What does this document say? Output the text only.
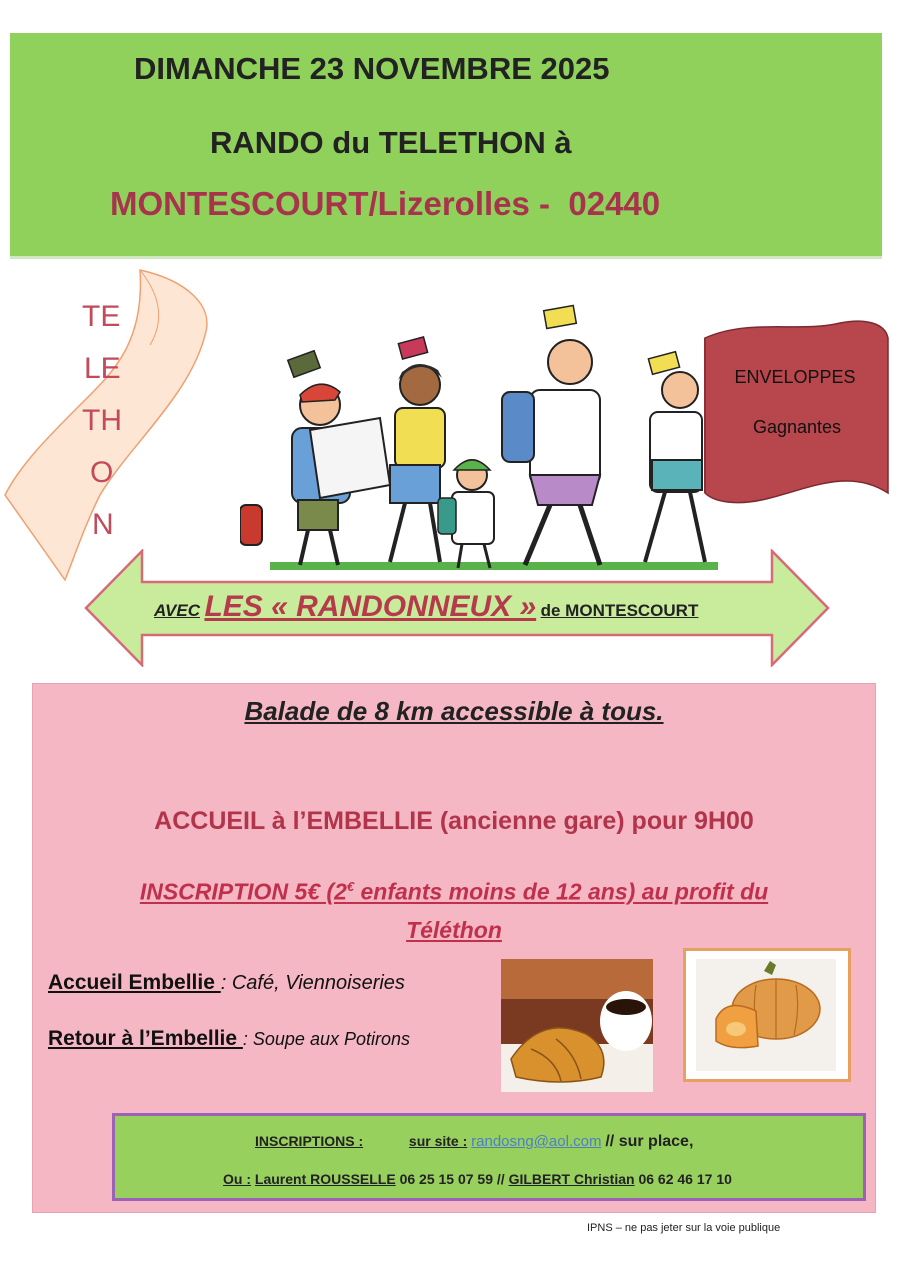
DIMANCHE 23 NOVEMBRE 2025
RANDO du TELETHON à
MONTESCOURT/Lizerolles -  02440
TE
LE
TH
O
N
ENVELOPPES
Gagnantes
AVEC LES « RANDONNEUX » de MONTESCOURT
Balade de 8 km accessible à tous.
ACCUEIL à l’EMBELLIE (ancienne gare) pour 9H00
INSCRIPTION 5€ (2€ enfants moins de 12 ans) au profit du
Téléthon
Accueil Embellie : Café, Viennoiseries
Retour à l’Embellie : Soupe aux Potirons
INSCRIPTIONS :	sur site : randosng@aol.com // sur place,
Ou : Laurent ROUSSELLE 06 25 15 07 59 // GILBERT Christian 06 62 46 17 10
IPNS – ne pas jeter sur la voie publique
